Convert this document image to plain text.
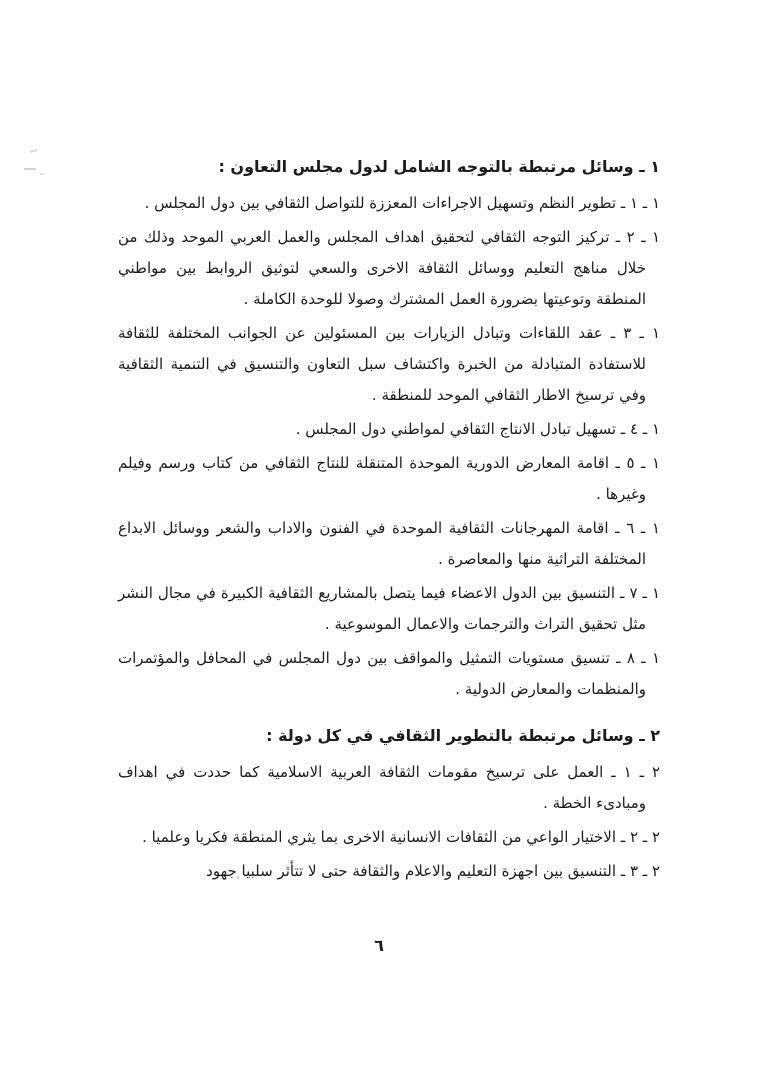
١ ـ وسائل مرتبطة بالتوجه الشامل لدول مجلس التعاون :

١ ـ ١ ـ تطوير النظم وتسهيل الاجراءات المعززة للتواصل الثقافي بين دول المجلس .

١ ـ ٢ ـ تركيز التوجه الثقافي لتحقيق اهداف المجلس والعمل العربي الموحد وذلك من خلال مناهج التعليم ووسائل الثقافة الاخرى والسعي لتوثيق الروابط بين مواطني المنطقة وتوعيتها بضرورة العمل المشترك وصولا للوحدة الكاملة .

١ ـ ٣ ـ عقد اللقاءات وتبادل الزيارات بين المسئولين عن الجوانب المختلفة للثقافة للاستفادة المتبادلة من الخبرة واكتشاف سبل التعاون والتنسيق في التنمية الثقافية وفي ترسيخ الاطار الثقافي الموحد للمنطقة .

١ ـ ٤ ـ تسهيل تبادل الانتاج الثقافي لمواطني دول المجلس .

١ ـ ٥ ـ اقامة المعارض الدورية الموحدة المتنقلة للنتاج الثقافي من كتاب ورسم وفيلم وغيرها .

١ ـ ٦ ـ اقامة المهرجانات الثقافية الموحدة في الفنون والاداب والشعر ووسائل الابداع المختلفة التراثية منها والمعاصرة .

١ ـ ٧ ـ التنسيق بين الدول الاعضاء فيما يتصل بالمشاريع الثقافية الكبيرة في مجال النشر مثل تحقيق التراث والترجمات والاعمال الموسوعية .

١ ـ ٨ ـ تنسيق مستويات التمثيل والمواقف بين دول المجلس في المحافل والمؤتمرات والمنظمات والمعارض الدولية .

٢ ـ وسائل مرتبطة بالتطوير الثقافي في كل دولة :

٢ ـ ١ ـ العمل على ترسيخ مقومات الثقافة العربية الاسلامية كما حددت في اهداف ومبادىء الخطة .

٢ ـ ٢ ـ الاختيار الواعي من الثقافات الانسانية الاخرى بما يثري المنطقة فكريا وعلميا .

٢ ـ ٣ ـ التنسيق بين اجهزة التعليم والاعلام والثقافة حتى لا تتأثر سلبيا جهود

٦
